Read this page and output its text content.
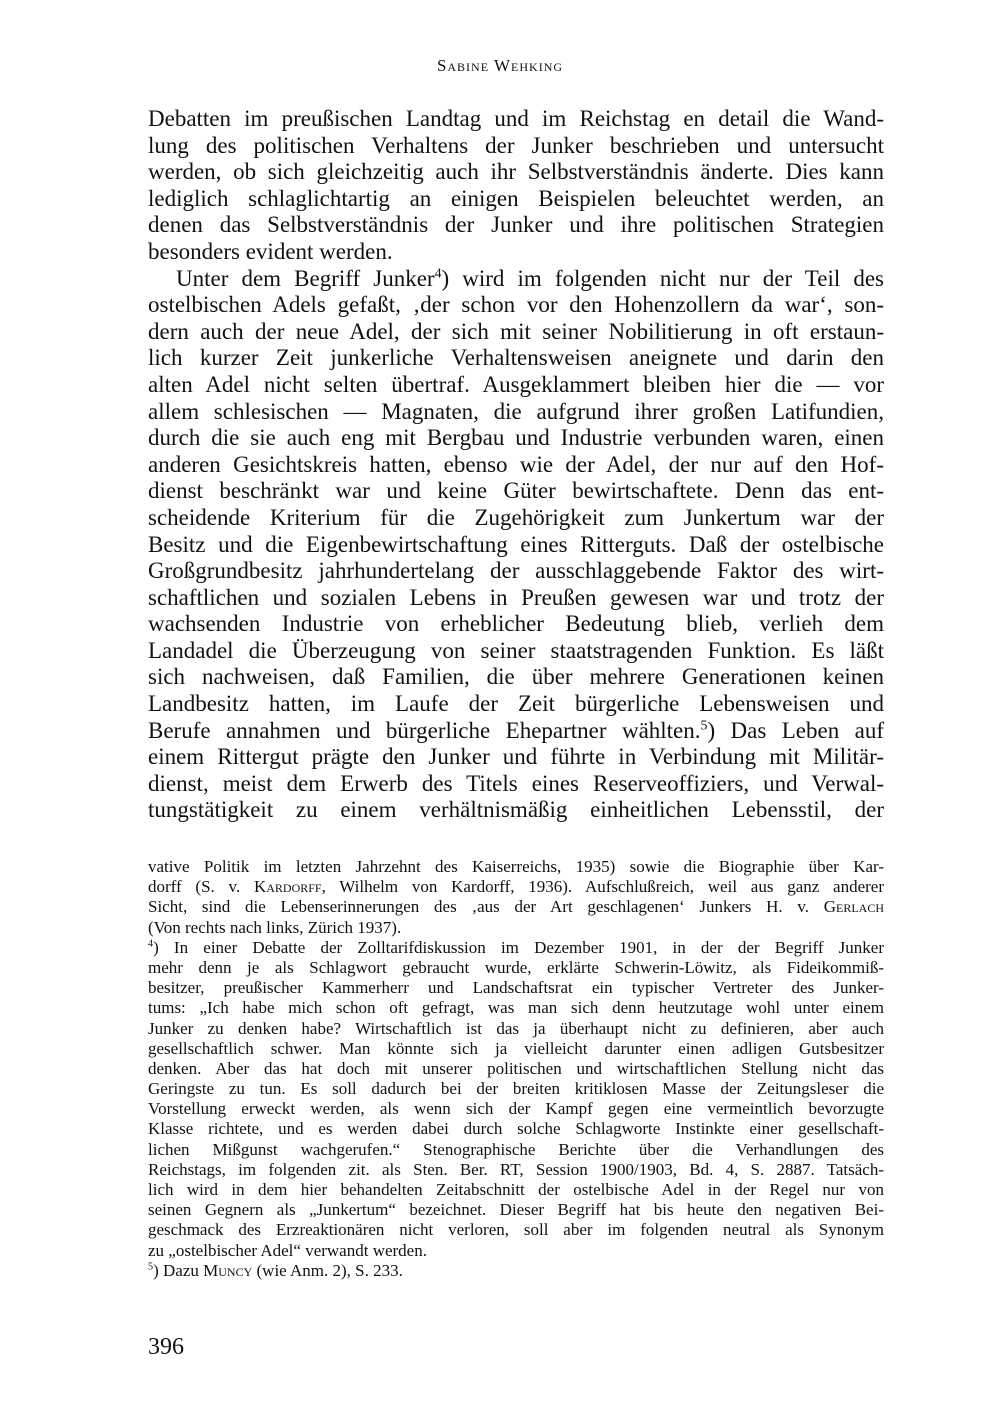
Sabine Wehking
Debatten im preußischen Landtag und im Reichstag en detail die Wand-
lung des politischen Verhaltens der Junker beschrieben und untersucht
werden, ob sich gleichzeitig auch ihr Selbstverständnis änderte. Dies kann
lediglich schlaglichtartig an einigen Beispielen beleuchtet werden, an
denen das Selbstverständnis der Junker und ihre politischen Strategien
besonders evident werden.
Unter dem Begriff Junker$^4$) wird im folgenden nicht nur der Teil des
ostelbischen Adels gefaßt, ‚der schon vor den Hohenzollern da war‘, son-
dern auch der neue Adel, der sich mit seiner Nobilitierung in oft erstaun-
lich kurzer Zeit junkerliche Verhaltensweisen aneignete und darin den
alten Adel nicht selten übertraf. Ausgeklammert bleiben hier die — vor
allem schlesischen — Magnaten, die aufgrund ihrer großen Latifundien,
durch die sie auch eng mit Bergbau und Industrie verbunden waren, einen
anderen Gesichtskreis hatten, ebenso wie der Adel, der nur auf den Hof-
dienst beschränkt war und keine Güter bewirtschaftete. Denn das ent-
scheidende Kriterium für die Zugehörigkeit zum Junkertum war der
Besitz und die Eigenbewirtschaftung eines Ritterguts. Daß der ostelbische
Großgrundbesitz jahrhundertelang der ausschlaggebende Faktor des wirt-
schaftlichen und sozialen Lebens in Preußen gewesen war und trotz der
wachsenden Industrie von erheblicher Bedeutung blieb, verlieh dem
Landadel die Überzeugung von seiner staatstragenden Funktion. Es läßt
sich nachweisen, daß Familien, die über mehrere Generationen keinen
Landbesitz hatten, im Laufe der Zeit bürgerliche Lebensweisen und
Berufe annahmen und bürgerliche Ehepartner wählten.$^5$) Das Leben auf
einem Rittergut prägte den Junker und führte in Verbindung mit Militär-
dienst, meist dem Erwerb des Titels eines Reserveoffiziers, und Verwal-
tungstätigkeit zu einem verhältnismäßig einheitlichen Lebensstil, der
vative Politik im letzten Jahrzehnt des Kaiserreichs, 1935) sowie die Biographie über Kar-
dorff (S. v. Kardorff, Wilhelm von Kardorff, 1936). Aufschlußreich, weil aus ganz anderer
Sicht, sind die Lebenserinnerungen des ‚aus der Art geschlagenen‘ Junkers H. v. Gerlach
(Von rechts nach links, Zürich 1937).
$^4$) In einer Debatte der Zolltarifdiskussion im Dezember 1901, in der der Begriff Junker
mehr denn je als Schlagwort gebraucht wurde, erklärte Schwerin-Löwitz, als Fideikommiß-
besitzer, preußischer Kammerherr und Landschaftsrat ein typischer Vertreter des Junker-
tums: „Ich habe mich schon oft gefragt, was man sich denn heutzutage wohl unter einem
Junker zu denken habe? Wirtschaftlich ist das ja überhaupt nicht zu definieren, aber auch
gesellschaftlich schwer. Man könnte sich ja vielleicht darunter einen adligen Gutsbesitzer
denken. Aber das hat doch mit unserer politischen und wirtschaftlichen Stellung nicht das
Geringste zu tun. Es soll dadurch bei der breiten kritiklosen Masse der Zeitungsleser die
Vorstellung erweckt werden, als wenn sich der Kampf gegen eine vermeintlich bevorzugte
Klasse richtete, und es werden dabei durch solche Schlagworte Instinkte einer gesellschaft-
lichen Mißgunst wachgerufen.“ Stenographische Berichte über die Verhandlungen des
Reichstags, im folgenden zit. als Sten. Ber. RT, Session 1900/1903, Bd. 4, S. 2887. Tatsäch-
lich wird in dem hier behandelten Zeitabschnitt der ostelbische Adel in der Regel nur von
seinen Gegnern als „Junkertum“ bezeichnet. Dieser Begriff hat bis heute den negativen Bei-
geschmack des Erzreaktionären nicht verloren, soll aber im folgenden neutral als Synonym
zu „ostelbischer Adel“ verwandt werden.
$^5$) Dazu Muncy (wie Anm. 2), S. 233.
396
